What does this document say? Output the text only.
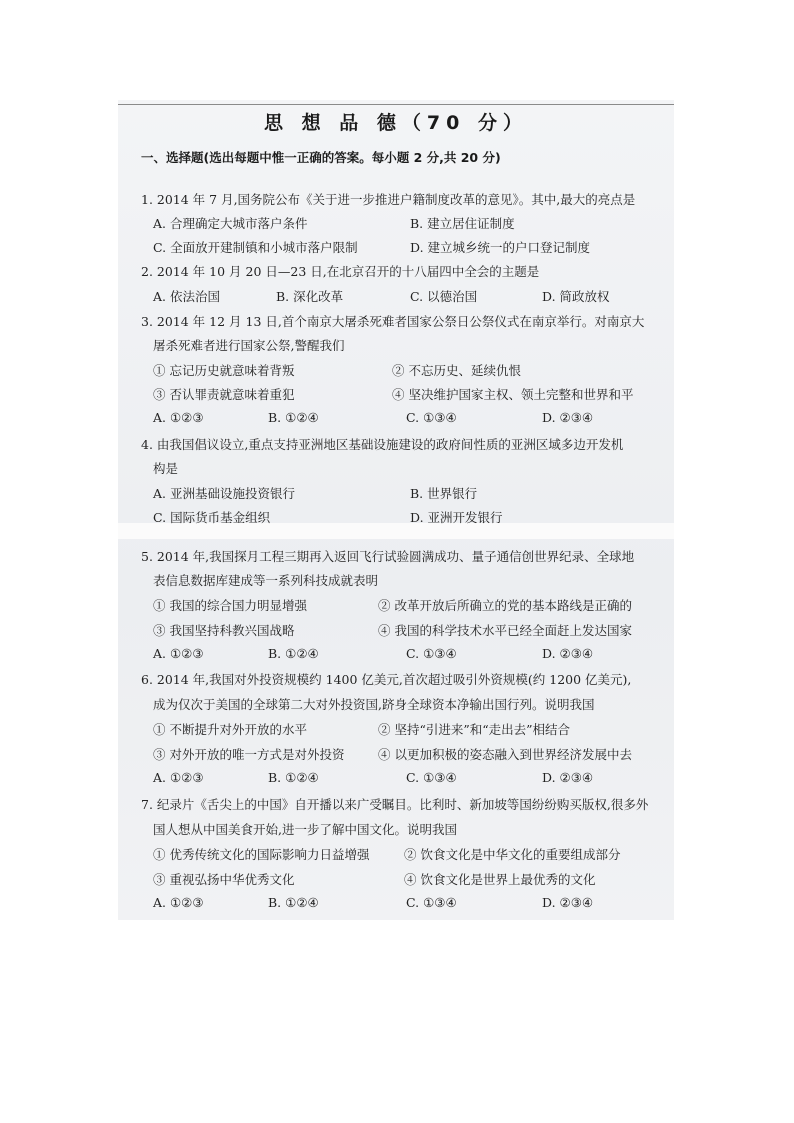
思 想 品 德（70 分）
一、选择题(选出每题中惟一正确的答案。每小题 2 分,共 20 分)
1. 2014 年 7 月,国务院公布《关于进一步推进户籍制度改革的意见》。其中,最大的亮点是
A. 合理确定大城市落户条件	B. 建立居住证制度
C. 全面放开建制镇和小城市落户限制	D. 建立城乡统一的户口登记制度
2. 2014 年 10 月 20 日—23 日,在北京召开的十八届四中全会的主题是
A. 依法治国	B. 深化改革	C. 以德治国	D. 简政放权
3. 2014 年 12 月 13 日,首个南京大屠杀死难者国家公祭日公祭仪式在南京举行。对南京大
屠杀死难者进行国家公祭,警醒我们
① 忘记历史就意味着背叛	② 不忘历史、延续仇恨
③ 否认罪责就意味着重犯	④ 坚决维护国家主权、领土完整和世界和平
A. ①②③	B. ①②④	C. ①③④	D. ②③④
4. 由我国倡议设立,重点支持亚洲地区基础设施建设的政府间性质的亚洲区域多边开发机
构是
A. 亚洲基础设施投资银行	B. 世界银行
C. 国际货币基金组织	D. 亚洲开发银行
5. 2014 年,我国探月工程三期再入返回飞行试验圆满成功、量子通信创世界纪录、全球地
表信息数据库建成等一系列科技成就表明
① 我国的综合国力明显增强	② 改革开放后所确立的党的基本路线是正确的
③ 我国坚持科教兴国战略	④ 我国的科学技术水平已经全面赶上发达国家
A. ①②③	B. ①②④	C. ①③④	D. ②③④
6. 2014 年,我国对外投资规模约 1400 亿美元,首次超过吸引外资规模(约 1200 亿美元),
成为仅次于美国的全球第二大对外投资国,跻身全球资本净输出国行列。说明我国
① 不断提升对外开放的水平	② 坚持“引进来”和“走出去”相结合
③ 对外开放的唯一方式是对外投资	④ 以更加积极的姿态融入到世界经济发展中去
A. ①②③	B. ①②④	C. ①③④	D. ②③④
7. 纪录片《舌尖上的中国》自开播以来广受瞩目。比利时、新加坡等国纷纷购买版权,很多外
国人想从中国美食开始,进一步了解中国文化。说明我国
① 优秀传统文化的国际影响力日益增强	② 饮食文化是中华文化的重要组成部分
③ 重视弘扬中华优秀文化	④ 饮食文化是世界上最优秀的文化
A. ①②③	B. ①②④	C. ①③④	D. ②③④
